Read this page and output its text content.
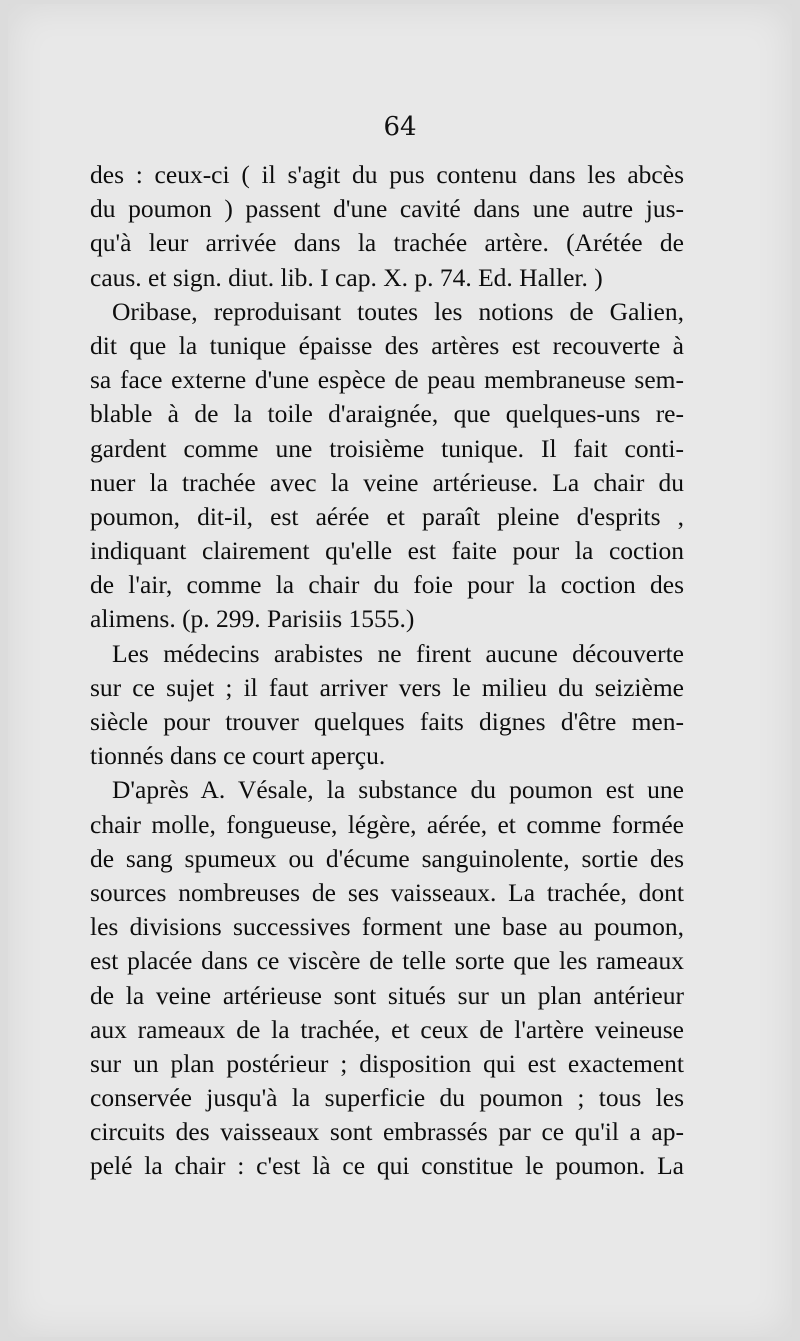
64
des : ceux-ci ( il s'agit du pus contenu dans les abcès
du poumon ) passent d'une cavité dans une autre jus-
qu'à leur arrivée dans la trachée artère. (Arétée de
caus. et sign. diut. lib. I cap. X. p. 74. Ed. Haller. )
Oribase, reproduisant toutes les notions de Galien,
dit que la tunique épaisse des artères est recouverte à
sa face externe d'une espèce de peau membraneuse sem-
blable à de la toile d'araignée, que quelques-uns re-
gardent comme une troisième tunique. Il fait conti-
nuer la trachée avec la veine artérieuse. La chair du
poumon, dit-il, est aérée et paraît pleine d'esprits ,
indiquant clairement qu'elle est faite pour la coction
de l'air, comme la chair du foie pour la coction des
alimens. (p. 299. Parisiis 1555.)
Les médecins arabistes ne firent aucune découverte
sur ce sujet ; il faut arriver vers le milieu du seizième
siècle pour trouver quelques faits dignes d'être men-
tionnés dans ce court aperçu.
D'après A. Vésale, la substance du poumon est une
chair molle, fongueuse, légère, aérée, et comme formée
de sang spumeux ou d'écume sanguinolente, sortie des
sources nombreuses de ses vaisseaux. La trachée, dont
les divisions successives forment une base au poumon,
est placée dans ce viscère de telle sorte que les rameaux
de la veine artérieuse sont situés sur un plan antérieur
aux rameaux de la trachée, et ceux de l'artère veineuse
sur un plan postérieur ; disposition qui est exactement
conservée jusqu'à la superficie du poumon ; tous les
circuits des vaisseaux sont embrassés par ce qu'il a ap-
pelé la chair : c'est là ce qui constitue le poumon. La
